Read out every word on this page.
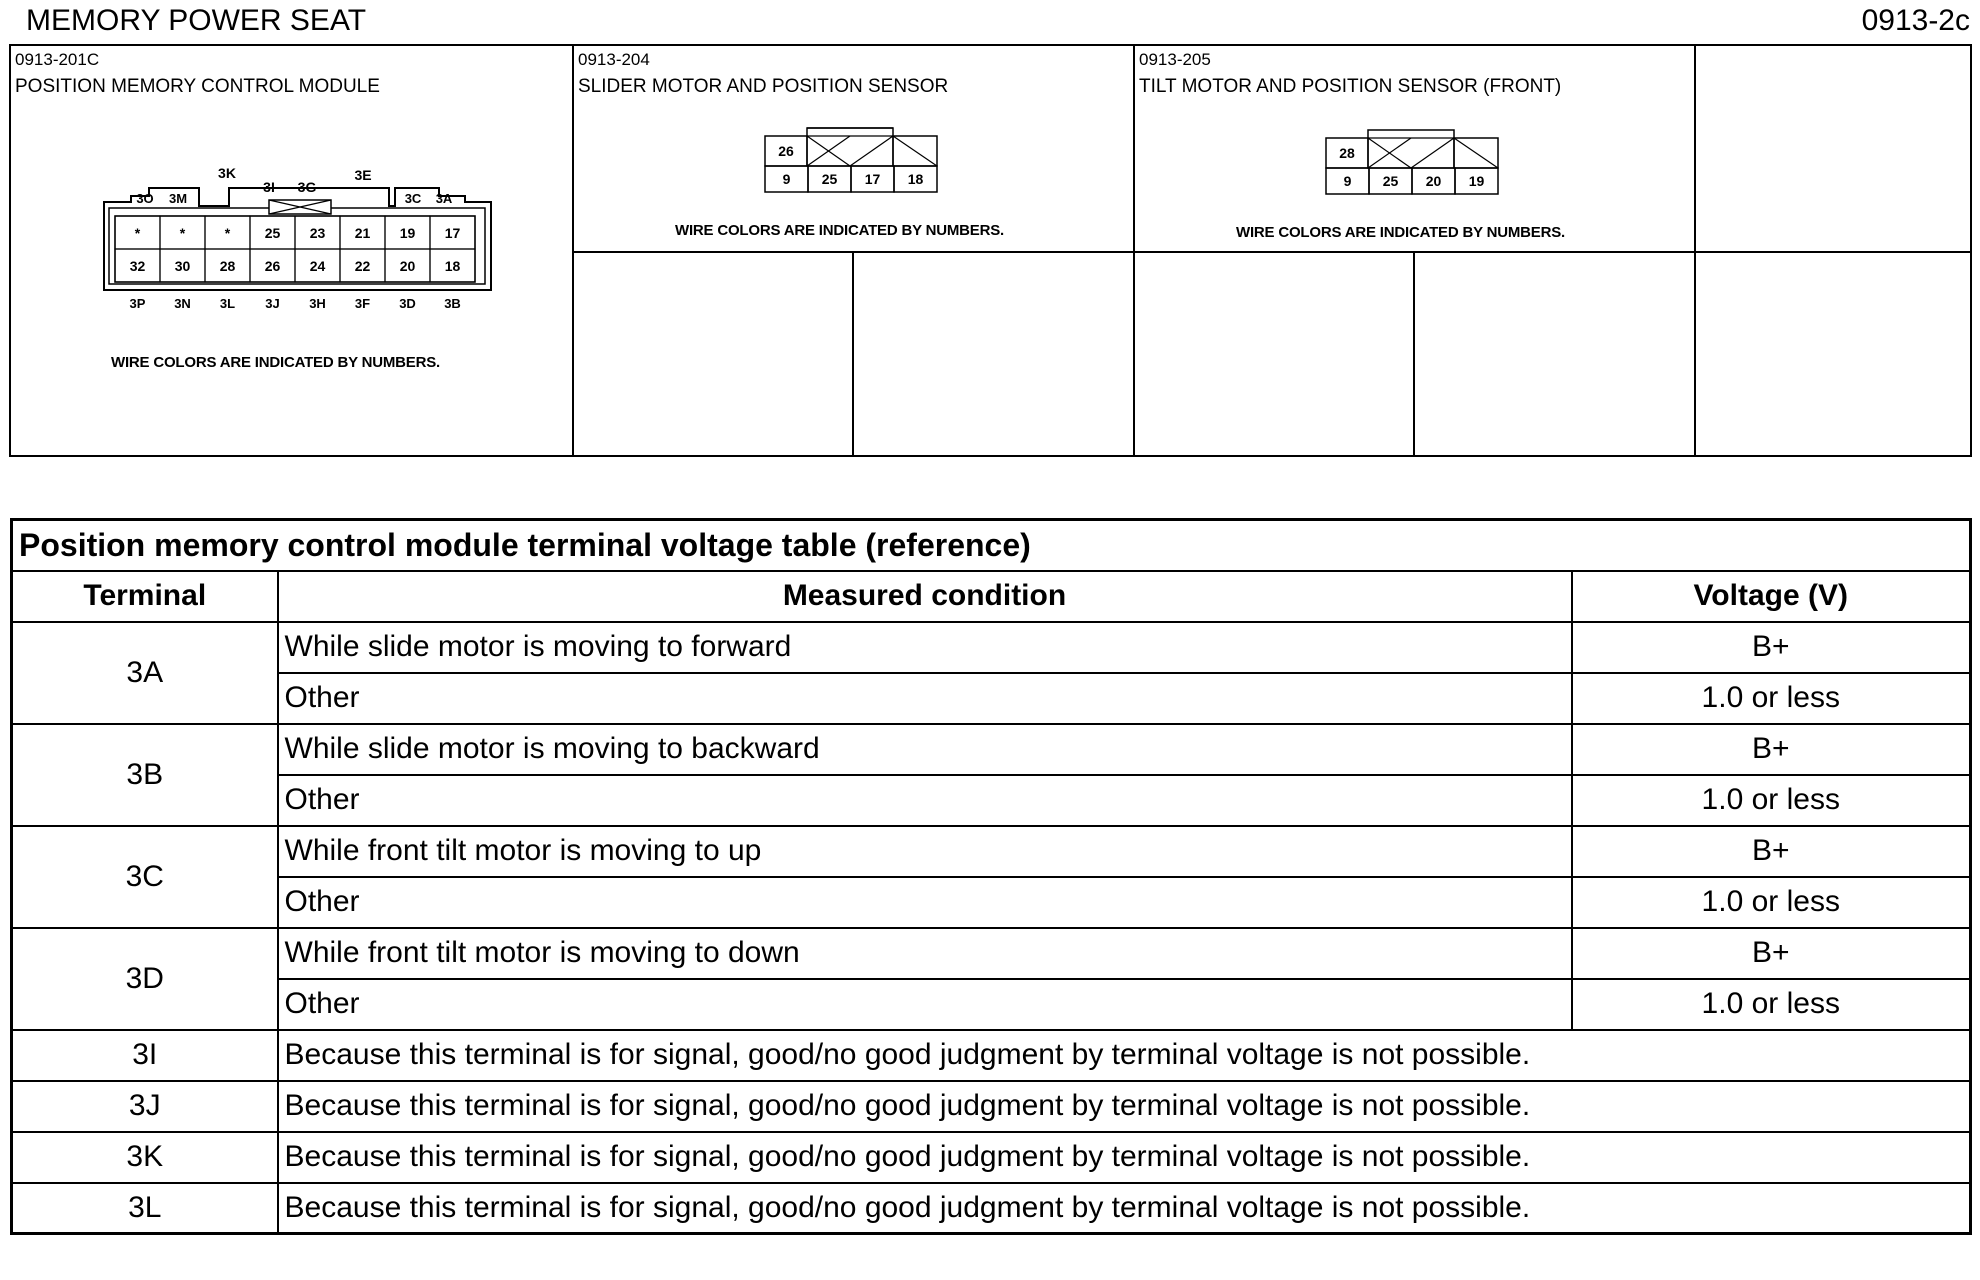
MEMORY POWER SEAT	0913-2c
0913-201C
POSITION MEMORY CONTROL MODULE
*
32
*
30
*
28
25
26
23
24
21
22
19
20
17
18
3K
3I 3G
3E
3O 3M	3C 3A
3P 3N 3L 3J 3H 3F 3D 3B
WIRE COLORS ARE INDICATED BY NUMBERS.
0913-204
SLIDER MOTOR AND POSITION SENSOR
26
9 25 17 18
WIRE COLORS ARE INDICATED BY NUMBERS.
0913-205
TILT MOTOR AND POSITION SENSOR (FRONT)
28
9 25 20 19
WIRE COLORS ARE INDICATED BY NUMBERS.
Position memory control module terminal voltage table (reference)		
Terminal	Measured condition	Voltage (V)
3A	While slide motor is moving to forward	B+
	Other	1.0 or less
3B	While slide motor is moving to backward	B+
	Other	1.0 or less
3C	While front tilt motor is moving to up	B+
	Other	1.0 or less
3D	While front tilt motor is moving to down	B+
	Other	1.0 or less
3I	Because this terminal is for signal, good/no good judgment by terminal voltage is not possible.	
3J	Because this terminal is for signal, good/no good judgment by terminal voltage is not possible.	
3K	Because this terminal is for signal, good/no good judgment by terminal voltage is not possible.	
3L	Because this terminal is for signal, good/no good judgment by terminal voltage is not possible.	
